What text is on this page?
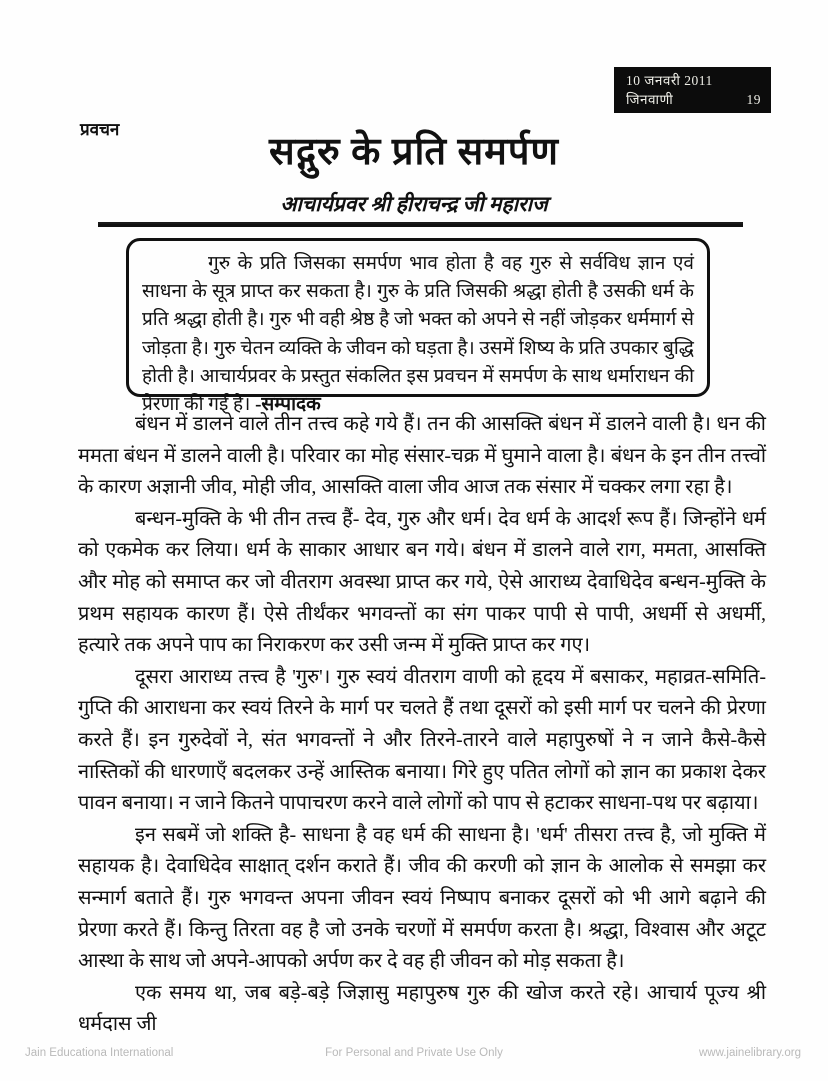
10 जनवरी 2011
जिनवाणी	19
प्रवचन
सद्गुरु के प्रति समर्पण
आचार्यप्रवर श्री हीराचन्द्र जी महाराज
गुरु के प्रति जिसका समर्पण भाव होता है वह गुरु से सर्वविध ज्ञान एवं साधना के सूत्र प्राप्त कर सकता है। गुरु के प्रति जिसकी श्रद्धा होती है उसकी धर्म के प्रति श्रद्धा होती है। गुरु भी वही श्रेष्ठ है जो भक्त को अपने से नहीं जोड़कर धर्ममार्ग से जोड़ता है। गुरु चेतन व्यक्ति के जीवन को घड़ता है। उसमें शिष्य के प्रति उपकार बुद्धि होती है। आचार्यप्रवर के प्रस्तुत संकलित इस प्रवचन में समर्पण के साथ धर्माराधन की प्रेरणा की गई है। -सम्पादक

बंधन में डालने वाले तीन तत्त्व कहे गये हैं। तन की आसक्ति बंधन में डालने वाली है। धन की ममता बंधन में डालने वाली है। परिवार का मोह संसार-चक्र में घुमाने वाला है। बंधन के इन तीन तत्त्वों के कारण अज्ञानी जीव, मोही जीव, आसक्ति वाला जीव आज तक संसार में चक्कर लगा रहा है।

बन्धन-मुक्ति के भी तीन तत्त्व हैं- देव, गुरु और धर्म। देव धर्म के आदर्श रूप हैं। जिन्होंने धर्म को एकमेक कर लिया। धर्म के साकार आधार बन गये। बंधन में डालने वाले राग, ममता, आसक्ति और मोह को समाप्त कर जो वीतराग अवस्था प्राप्त कर गये, ऐसे आराध्य देवाधिदेव बन्धन-मुक्ति के प्रथम सहायक कारण हैं। ऐसे तीर्थंकर भगवन्तों का संग पाकर पापी से पापी, अधर्मी से अधर्मी, हत्यारे तक अपने पाप का निराकरण कर उसी जन्म में मुक्ति प्राप्त कर गए।

दूसरा आराध्य तत्त्व है 'गुरु'। गुरु स्वयं वीतराग वाणी को हृदय में बसाकर, महाव्रत-समिति-गुप्ति की आराधना कर स्वयं तिरने के मार्ग पर चलते हैं तथा दूसरों को इसी मार्ग पर चलने की प्रेरणा करते हैं। इन गुरुदेवों ने, संत भगवन्तों ने और तिरने-तारने वाले महापुरुषों ने न जाने कैसे-कैसे नास्तिकों की धारणाएँ बदलकर उन्हें आस्तिक बनाया। गिरे हुए पतित लोगों को ज्ञान का प्रकाश देकर पावन बनाया। न जाने कितने पापाचरण करने वाले लोगों को पाप से हटाकर साधना-पथ पर बढ़ाया।

इन सबमें जो शक्ति है- साधना है वह धर्म की साधना है। 'धर्म' तीसरा तत्त्व है, जो मुक्ति में सहायक है। देवाधिदेव साक्षात् दर्शन कराते हैं। जीव की करणी को ज्ञान के आलोक से समझा कर सन्मार्ग बताते हैं। गुरु भगवन्त अपना जीवन स्वयं निष्पाप बनाकर दूसरों को भी आगे बढ़ाने की प्रेरणा करते हैं। किन्तु तिरता वह है जो उनके चरणों में समर्पण करता है। श्रद्धा, विश्वास और अटूट आस्था के साथ जो अपने-आपको अर्पण कर दे वह ही जीवन को मोड़ सकता है।

एक समय था, जब बड़े-बड़े जिज्ञासु महापुरुष गुरु की खोज करते रहे। आचार्य पूज्य श्री धर्मदास जी

Jain Educationa International	For Personal and Private Use Only	www.jainelibrary.org
